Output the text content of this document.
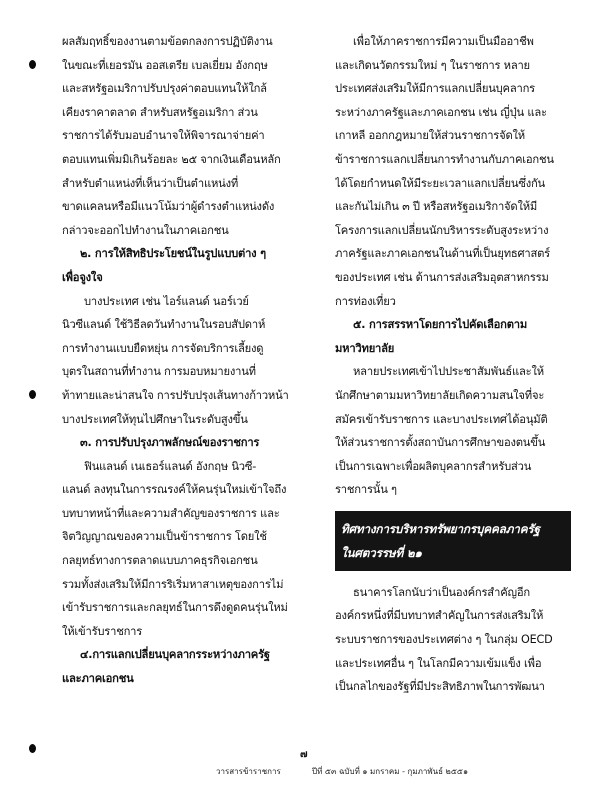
ผลสัมฤทธิ์ของงานตามข้อตกลงการปฏิบัติงาน
ในขณะที่เยอรมัน ออสเตรีย เบลเยี่ยม อังกฤษ
และสหรัฐอเมริกาปรับปรุงค่าตอบแทนให้ใกล้
เคียงราคาตลาด สำหรับสหรัฐอเมริกา ส่วน
ราชการได้รับมอบอำนาจให้พิจารณาจ่ายค่า
ตอบแทนเพิ่มมิเกินร้อยละ ๒๕ จากเงินเดือนหลัก
สำหรับตำแหน่งที่เห็นว่าเป็นตำแหน่งที่
ขาดแคลนหรือมีแนวโน้มว่าผู้ดำรงตำแหน่งดัง
กล่าวจะออกไปทำงานในภาคเอกชน
๒. การให้สิทธิประโยชน์ในรูปแบบต่าง ๆ
เพื่อจูงใจ
บางประเทศ เช่น ไอร์แลนด์ นอร์เวย์
นิวซีแลนด์ ใช้วิธีลดวันทำงานในรอบสัปดาห์
การทำงานแบบยืดหยุ่น การจัดบริการเลี้ยงดู
บุตรในสถานที่ทำงาน การมอบหมายงานที่
ท้าทายและน่าสนใจ การปรับปรุงเส้นทางก้าวหน้า
บางประเทศให้ทุนไปศึกษาในระดับสูงขึ้น
๓. การปรับปรุงภาพลักษณ์ของราชการ
ฟินแลนด์ เนเธอร์แลนด์ อังกฤษ นิวซี-
แลนด์ ลงทุนในการรณรงค์ให้คนรุ่นใหม่เข้าใจถึง
บทบาทหน้าที่และความสำคัญของราชการ และ
จิตวิญญาณของความเป็นข้าราชการ โดยใช้
กลยุทธ์ทางการตลาดแบบภาคธุรกิจเอกชน
รวมทั้งส่งเสริมให้มีการริเริ่มหาสาเหตุของการไม่
เข้ารับราชการและกลยุทธ์ในการดึงดูดคนรุ่นใหม่
ให้เข้ารับราชการ
๔.การแลกเปลี่ยนบุคลากรระหว่างภาครัฐ
และภาคเอกชน
เพื่อให้ภาคราชการมีความเป็นมืออาชีพ
และเกิดนวัตกรรมใหม่ ๆ ในราชการ หลาย
ประเทศส่งเสริมให้มีการแลกเปลี่ยนบุคลากร
ระหว่างภาครัฐและภาคเอกชน เช่น ญี่ปุ่น และ
เกาหลี ออกกฎหมายให้ส่วนราชการจัดให้
ข้าราชการแลกเปลี่ยนการทำงานกับภาคเอกชน
ได้โดยกำหนดให้มีระยะเวลาแลกเปลี่ยนซึ่งกัน
และกันไม่เกิน ๓ ปี หรือสหรัฐอเมริกาจัดให้มี
โครงการแลกเปลี่ยนนักบริหารระดับสูงระหว่าง
ภาครัฐและภาคเอกชนในด้านที่เป็นยุทธศาสตร์
ของประเทศ เช่น ด้านการส่งเสริมอุตสาหกรรม
การท่องเที่ยว
๕. การสรรหาโดยการไปคัดเลือกตาม
มหาวิทยาลัย
หลายประเทศเข้าไปประชาสัมพันธ์และให้
นักศึกษาตามมหาวิทยาลัยเกิดความสนใจที่จะ
สมัครเข้ารับราชการ และบางประเทศได้อนุมัติ
ให้ส่วนราชการตั้งสถาบันการศึกษาของตนขึ้น
เป็นการเฉพาะเพื่อผลิตบุคลากรสำหรับส่วน
ราชการนั้น ๆ
ทิศทางการบริหารทรัพยากรบุคคลภาครัฐ
ในศตวรรษที่ ๒๑
ธนาคารโลกนับว่าเป็นองค์กรสำคัญอีก
องค์กรหนึ่งที่มีบทบาทสำคัญในการส่งเสริมให้
ระบบราชการของประเทศต่าง ๆ ในกลุ่ม OECD
และประเทศอื่น ๆ ในโลกมีความเข้มแข็ง เพื่อ
เป็นกลไกของรัฐที่มีประสิทธิภาพในการพัฒนา
๗
วารสารข้าราชการ	ปีที่ ๕๓ ฉบับที่ ๑ มกราคม - กุมภาพันธ์ ๒๕๕๑
